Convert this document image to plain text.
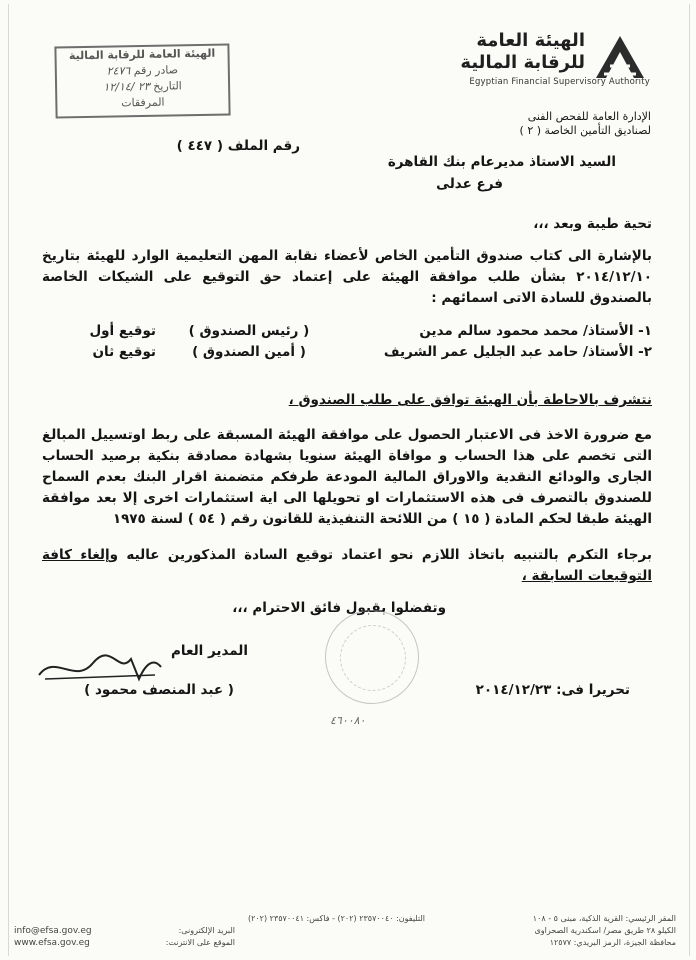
الهيئة العامة للرقابة المالية
صادر رقم ٢٤٧٦
التاريخ ٢٣ /١٢/١٤
المرفقات
الهيئة العامة
للرقابة المالية
Egyptian Financial Supervisory Authority
الإدارة العامة للفحص الفنى
لصناديق التأمين الخاصة ( ٢ )
رقم الملف ( ٤٤٧ )
السيد الاستاذ مديرعام بنك القاهرة
فرع عدلى
تحية طيبة وبعد ،،،
بالإشارة الى كتاب صندوق التأمين الخاص لأعضاء نقابة المهن التعليمية الوارد للهيئة بتاريخ ٢٠١٤/١٢/١٠ بشأن طلب موافقة الهيئة على إعتماد حق التوقيع على الشيكات الخاصة بالصندوق للسادة الاتى اسمائهم :
١- الأستاذ/ محمد محمود سالم مدين
( رئيس الصندوق )
توقيع أول
٢- الأستاذ/ حامد عبد الجليل عمر الشريف
( أمين الصندوق )
توقيع ثان
نتشرف بالاحاطة بأن الهيئة توافق على طلب الصندوق ،
مع ضرورة الاخذ فى الاعتبار الحصول على موافقة الهيئة المسبقة على ربط اوتسييل المبالغ التى تخصم على هذا الحساب و موافاة الهيئة سنويا بشهادة مصادقة بنكية برصيد الحساب الجارى والودائع النقدية والاوراق المالية المودعة طرفكم متضمنة اقرار البنك بعدم السماح للصندوق بالتصرف فى هذه الاستثمارات او تحويلها الى اية استثمارات اخرى إلا بعد موافقة الهيئة طبقا لحكم المادة ( ١٥ ) من اللائحة التنفيذية للقانون رقم ( ٥٤ ) لسنة ١٩٧٥
برجاء التكرم بالتنبيه باتخاذ اللازم نحو اعتماد توقيع السادة المذكورين عاليه وإلغاء كافة التوقيعات السابقة ،
وتفضلوا بقبول فائق الاحترام ،،،
المدير العام
( عبد المنصف محمود )	تحريرا فى: ٢٠١٤/١٢/٢٣
٤٦٠٠٨٠
التليفون: ٢٣٥٧٠٠٤٠ (٢٠٢) - فاكس: ٢٣٥٧٠٠٤١ (٢٠٢)
البريد الإلكترونى:
الموقع على الانترنت:
info@efsa.gov.eg
www.efsa.gov.eg
المقر الرئيسي: القرية الذكية، مبنى ٥ - ١٠٨
الكيلو ٢٨ طريق مصر/ اسكندرية الصحراوى
محافظة الجيزة، الرمز البريدي: ١٢٥٧٧
